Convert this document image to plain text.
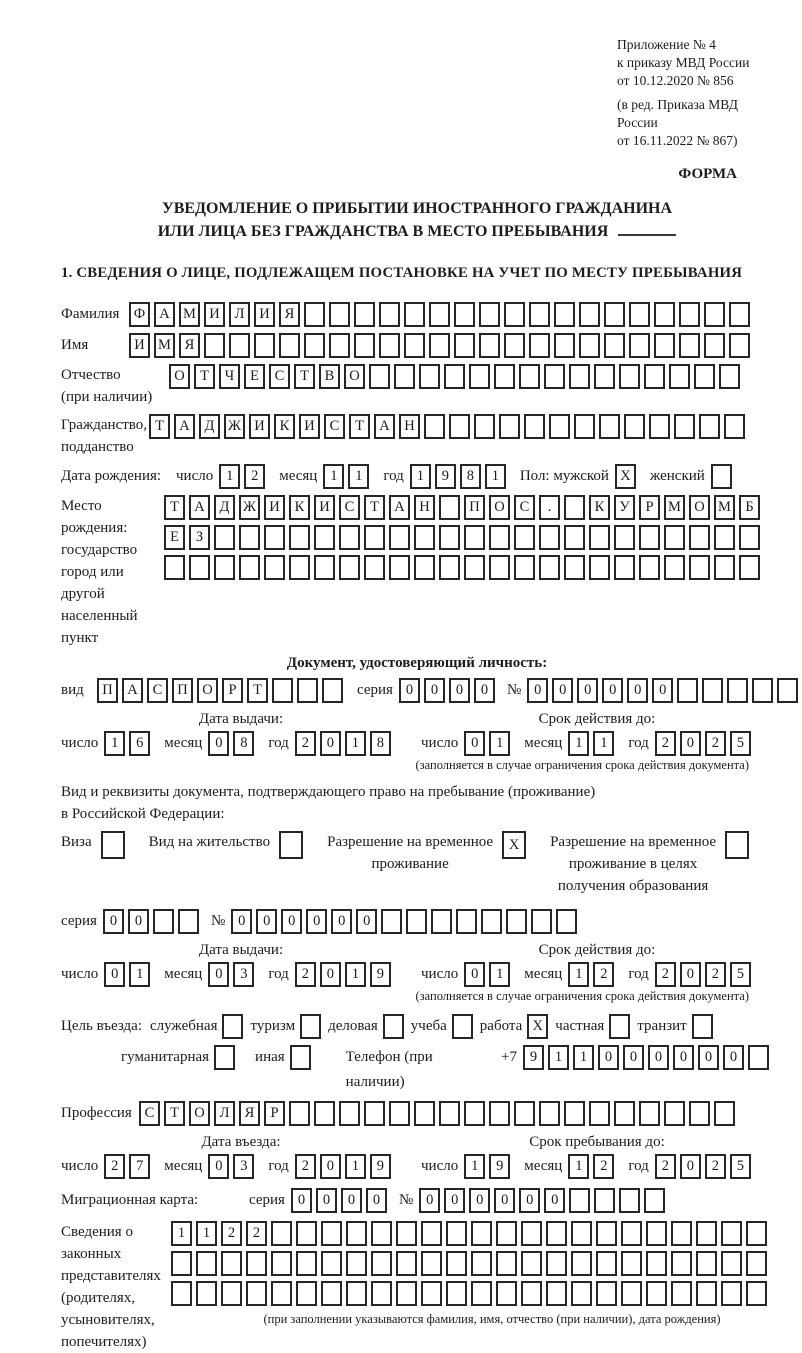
Приложение № 4
к приказу МВД России
от 10.12.2020 № 856
(в ред. Приказа МВД России
от 16.11.2022 № 867)
ФОРМА
УВЕДОМЛЕНИЕ О ПРИБЫТИИ ИНОСТРАННОГО ГРАЖДАНИНА
ИЛИ ЛИЦА БЕЗ ГРАЖДАНСТВА В МЕСТО ПРЕБЫВАНИЯ
1. СВЕДЕНИЯ О ЛИЦЕ, ПОДЛЕЖАЩЕМ ПОСТАНОВКЕ НА УЧЕТ ПО МЕСТУ ПРЕБЫВАНИЯ
Фамилия Ф А М И Л И Я
Имя	И М Я
Отчество
(при наличии)
О Т Ч Е С Т В О
Гражданство,
подданство
Т А Д Ж И К И С Т А Н
Дата рождения: число 1 2	месяц 1 1	год 1 9 8 1	Пол: мужской X	женский
Место рождения:
государство
город или другой
населенный пункт
Т А Д Ж И К И С Т А Н	П О С .	К У Р М О М Б
Е З
Документ, удостоверяющий личность:
вид	П А С П О Р Т	серия 0 0 0 0	№ 0 0 0 0 0 0
Дата выдачи:
число 1 6	месяц 0 8	год 2 0 1 8
Срок действия до:
число 0 1	месяц 1 1	год 2 0 2 5
(заполняется в случае ограничения срока действия документа)
Вид и реквизиты документа, подтверждающего право на пребывание (проживание)
в Российской Федерации:
Виза	Вид на жительство	Разрешение на временное
проживание
X	Разрешение на временное
проживание в целях
получения образования
серия 0 0	№ 0 0 0 0 0 0
Дата выдачи:
число 0 1	месяц 0 3	год 2 0 1 9
Срок действия до:
число 0 1	месяц 1 2	год 2 0 2 5
(заполняется в случае ограничения срока действия документа)
Цель въезда: служебная туризм деловая учеба работа X частная транзит
гуманитарная	иная	Телефон (при наличии)
+7 9 1 1 0 0 0 0 0 0
Профессия С Т О Л Я Р
Дата въезда:
число 2 7	месяц 0 3	год 2 0 1 9
Срок пребывания до:
число 1 9	месяц 1 2	год 2 0 2 5
Миграционная карта:	серия 0 0 0 0	№ 0 0 0 0 0 0
Сведения о
законных
представителях
(родителях,
усыновителях,
попечителях)
1 1 2 2
(при заполнении указываются фамилия, имя, отчество (при наличии), дата рождения)
